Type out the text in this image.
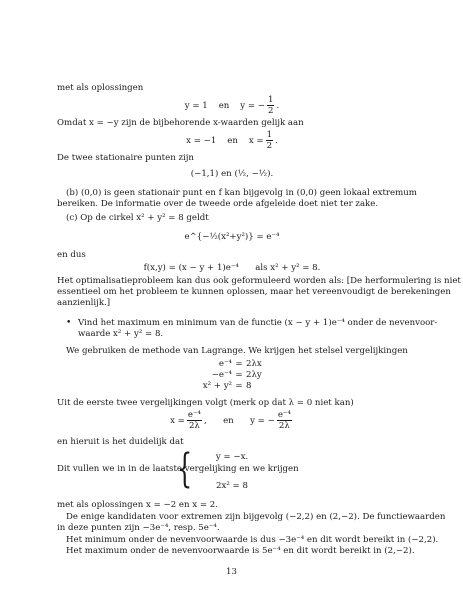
met als oplossingen
y = 1 en y = − $\frac{1}{2}$ .
Omdat x = −y zijn de bijbehorende x-waarden gelijk aan
x = −1 en $x = \frac{1}{2}$ .
De twee stationaire punten zijn
(−1,1) en (½, −½).
(b) (0,0) is geen stationair punt en f kan bijgevolg in (0,0) geen lokaal extremum
bereiken. De informatie over de tweede orde afgeleide doet niet ter zake.
(c) Op de cirkel x² + y² = 8 geldt
e^{−½(x²+y²)} = e⁻⁴
en dus
f(x,y) = (x − y + 1)e⁻⁴ als x² + y² = 8.
Het optimalisatieprobleem kan dus ook geformuleerd worden als: [De herformulering is niet
essentieel om het probleem te kunnen oplossen, maar het vereenvoudigt de berekeningen
aanzienlijk.]
• Vind het maximum en minimum van de functie (x − y + 1)e⁻⁴ onder de nevenvoor-
waarde x² + y² = 8.
We gebruiken de methode van Lagrange. We krijgen het stelsel vergelijkingen
{
e⁻⁴ = 2λx
−e⁻⁴ = 2λy
x² + y² = 8
Uit de eerste twee vergelijkingen volgt (merk op dat λ = 0 niet kan)
$x = \frac{\text{e⁻⁴}}{2\lambda}$ ,      en y = − $\frac{\text{e⁻⁴}}{2\lambda}$
en hieruit is het duidelijk dat
y = −x.
Dit vullen we in in de laatste vergelijking en we krijgen
2x² = 8
met als oplossingen x = −2 en x = 2.
De enige kandidaten voor extremen zijn bijgevolg (−2,2) en (2,−2). De functiewaarden
in deze punten zijn −3e⁻⁴, resp. 5e⁻⁴.
Het minimum onder de nevenvoorwaarde is dus −3e⁻⁴ en dit wordt bereikt in (−2,2).
Het maximum onder de nevenvoorwaarde is 5e⁻⁴ en dit wordt bereikt in (2,−2).
13
